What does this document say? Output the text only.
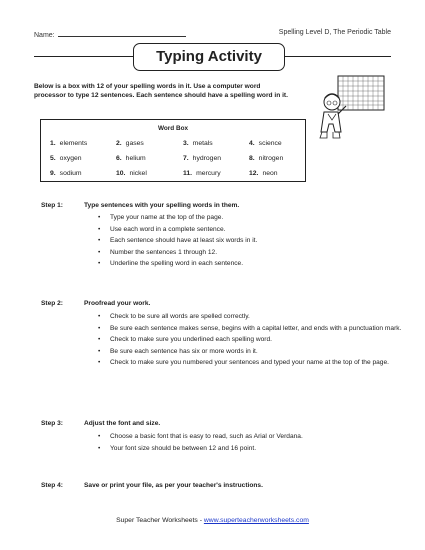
Name:	Spelling Level D, The Periodic Table
Typing Activity
Below is a box with 12 of your spelling words in it. Use a computer word processor to type 12 sentences. Each sentence should have a spelling word in it.
Word Box
1. elements	2. gases	3. metals	4. science
5. oxygen	6. helium	7. hydrogen	8. nitrogen
9. sodium	10. nickel	11. mercury	12. neon
Step 1:	Type sentences with your spelling words in them.
• Type your name at the top of the page.
• Use each word in a complete sentence.
• Each sentence should have at least six words in it.
• Number the sentences 1 through 12.
• Underline the spelling word in each sentence.
Step 2:	Proofread your work.
• Check to be sure all words are spelled correctly.
• Be sure each sentence makes sense, begins with a capital letter, and ends with a punctuation mark.
• Check to make sure you underlined each spelling word.
• Be sure each sentence has six or more words in it.
• Check to make sure you numbered your sentences and typed your name at the top of the page.
Step 3:	Adjust the font and size.
• Choose a basic font that is easy to read, such as Arial or Verdana.
• Your font size should be between 12 and 16 point.
Step 4:	Save or print your file, as per your teacher's instructions.
Super Teacher Worksheets - www.superteacherworksheets.com
